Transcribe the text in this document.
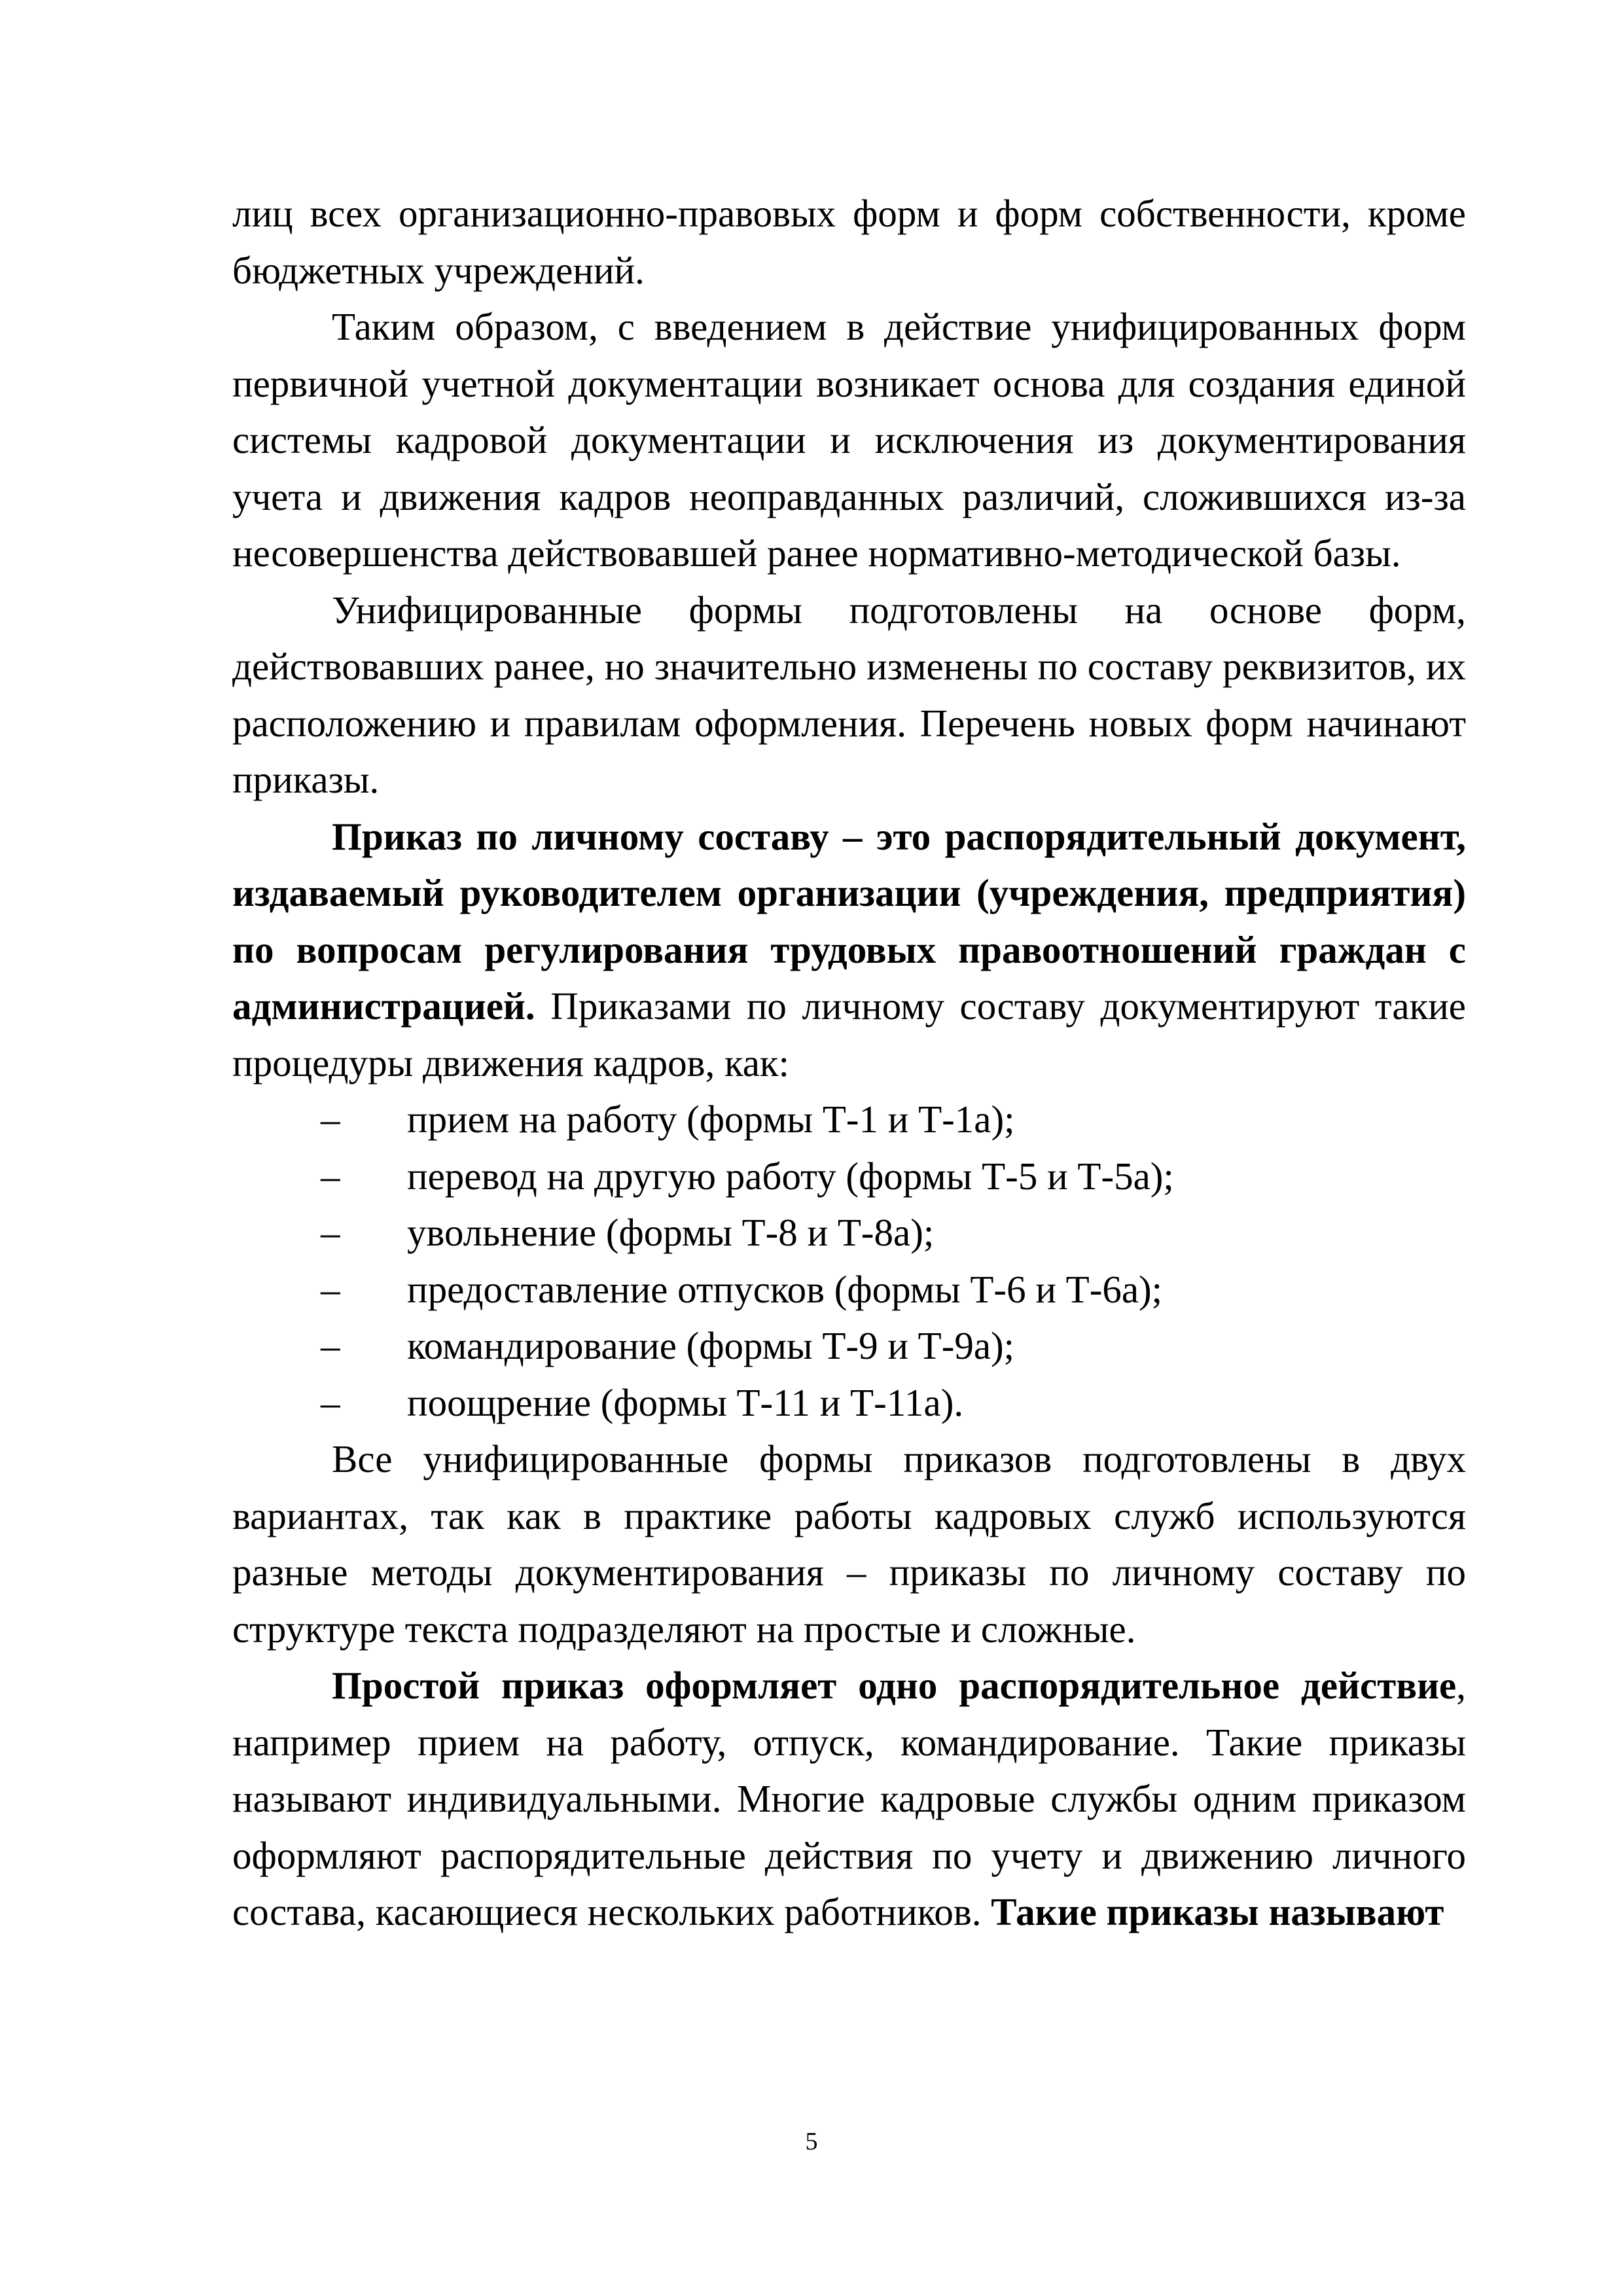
лиц всех организационно-правовых форм и форм собственности, кроме бюджетных учреждений.

Таким образом, с введением в действие унифицированных форм первичной учетной документации возникает основа для создания единой системы кадровой документации и исключения из документирования учета и движения кадров неоправданных различий, сложившихся из-за несовершенства действовавшей ранее нормативно-методической базы.

Унифицированные формы подготовлены на основе форм, действовавших ранее, но значительно изменены по составу реквизитов, их расположению и правилам оформления. Перечень новых форм начинают приказы.

Приказ по личному составу – это распорядительный документ, издаваемый руководителем организации (учреждения, предприятия) по вопросам регулирования трудовых правоотношений граждан с администрацией. Приказами по личному составу документируют такие процедуры движения кадров, как:

– прием на работу (формы Т-1 и Т-1а);
– перевод на другую работу (формы Т-5 и Т-5а);
– увольнение (формы Т-8 и Т-8а);
– предоставление отпусков (формы Т-6 и Т-6а);
– командирование (формы Т-9 и Т-9а);
– поощрение (формы Т-11 и Т-11а).

Все унифицированные формы приказов подготовлены в двух вариантах, так как в практике работы кадровых служб используются разные методы документирования – приказы по личному составу по структуре текста подразделяют на простые и сложные.

Простой приказ оформляет одно распорядительное действие, например прием на работу, отпуск, командирование. Такие приказы называют индивидуальными. Многие кадровые службы одним приказом оформляют распорядительные действия по учету и движению личного состава, касающиеся нескольких работников. Такие приказы называют

5
